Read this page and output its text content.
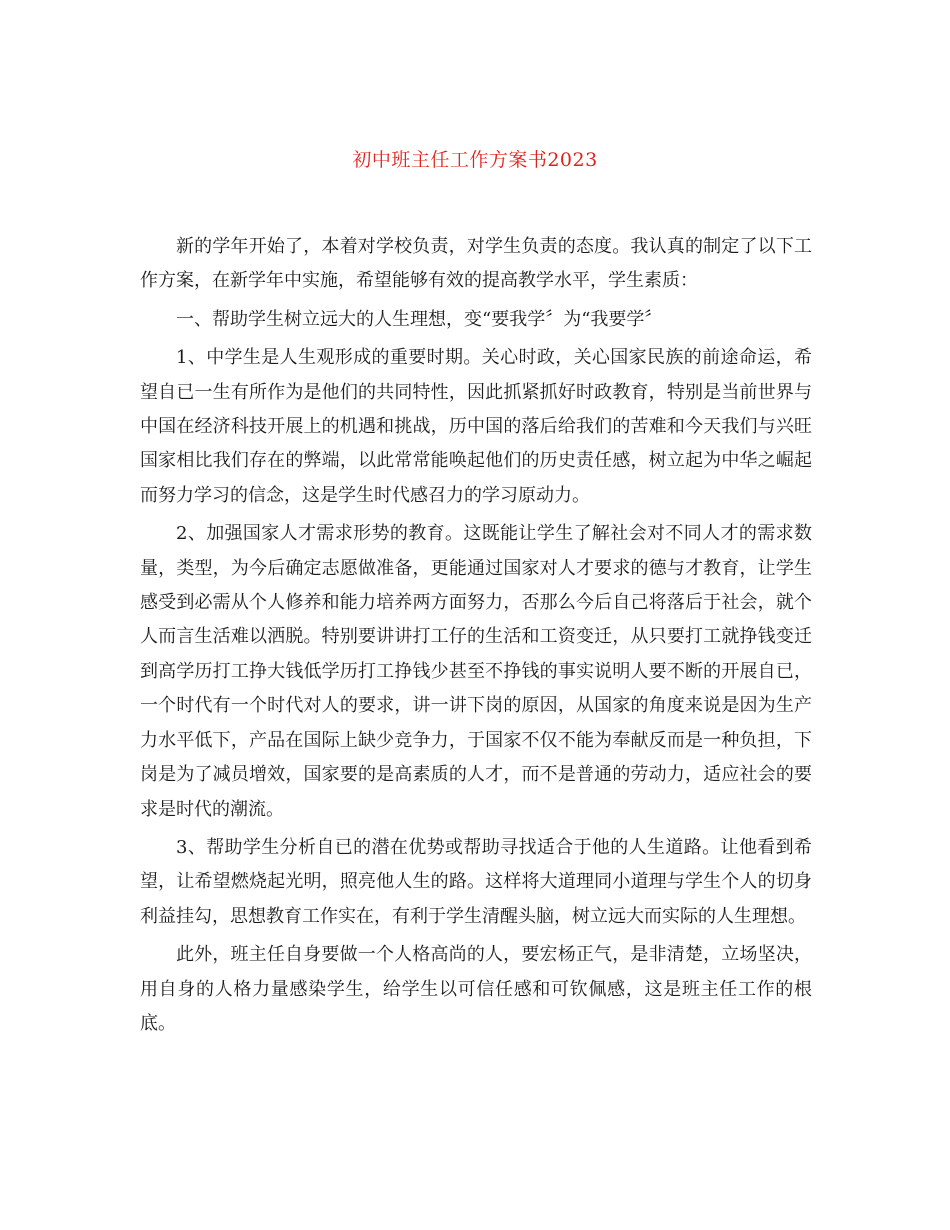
初中班主任工作方案书2023

新的学年开始了，本着对学校负责，对学生负责的态度。我认真的制定了以下工作方案，在新学年中实施，希望能够有效的提高教学水平，学生素质：

一、帮助学生树立远大的人生理想，变“要我学〞为“我要学〞

1、中学生是人生观形成的重要时期。关心时政，关心国家民族的前途命运，希望自已一生有所作为是他们的共同特性，因此抓紧抓好时政教育，特别是当前世界与中国在经济科技开展上的机遇和挑战，历中国的落后给我们的苦难和今天我们与兴旺国家相比我们存在的弊端，以此常常能唤起他们的历史责任感，树立起为中华之崛起而努力学习的信念，这是学生时代感召力的学习原动力。

2、加强国家人才需求形势的教育。这既能让学生了解社会对不同人才的需求数量，类型，为今后确定志愿做准备，更能通过国家对人才要求的德与才教育，让学生感受到必需从个人修养和能力培养两方面努力，否那么今后自己将落后于社会，就个人而言生活难以洒脱。特别要讲讲打工仔的生活和工资变迁，从只要打工就挣钱变迁到高学历打工挣大钱低学历打工挣钱少甚至不挣钱的事实说明人要不断的开展自已，一个时代有一个时代对人的要求，讲一讲下岗的原因，从国家的角度来说是因为生产力水平低下，产品在国际上缺少竞争力，于国家不仅不能为奉献反而是一种负担，下岗是为了减员增效，国家要的是高素质的人才，而不是普通的劳动力，适应社会的要求是时代的潮流。

3、帮助学生分析自已的潜在优势或帮助寻找适合于他的人生道路。让他看到希望，让希望燃烧起光明，照亮他人生的路。这样将大道理同小道理与学生个人的切身利益挂勾，思想教育工作实在，有利于学生清醒头脑，树立远大而实际的人生理想。

此外，班主任自身要做一个人格高尚的人，要宏杨正气，是非清楚，立场坚决，用自身的人格力量感染学生，给学生以可信任感和可钦佩感，这是班主任工作的根底。
